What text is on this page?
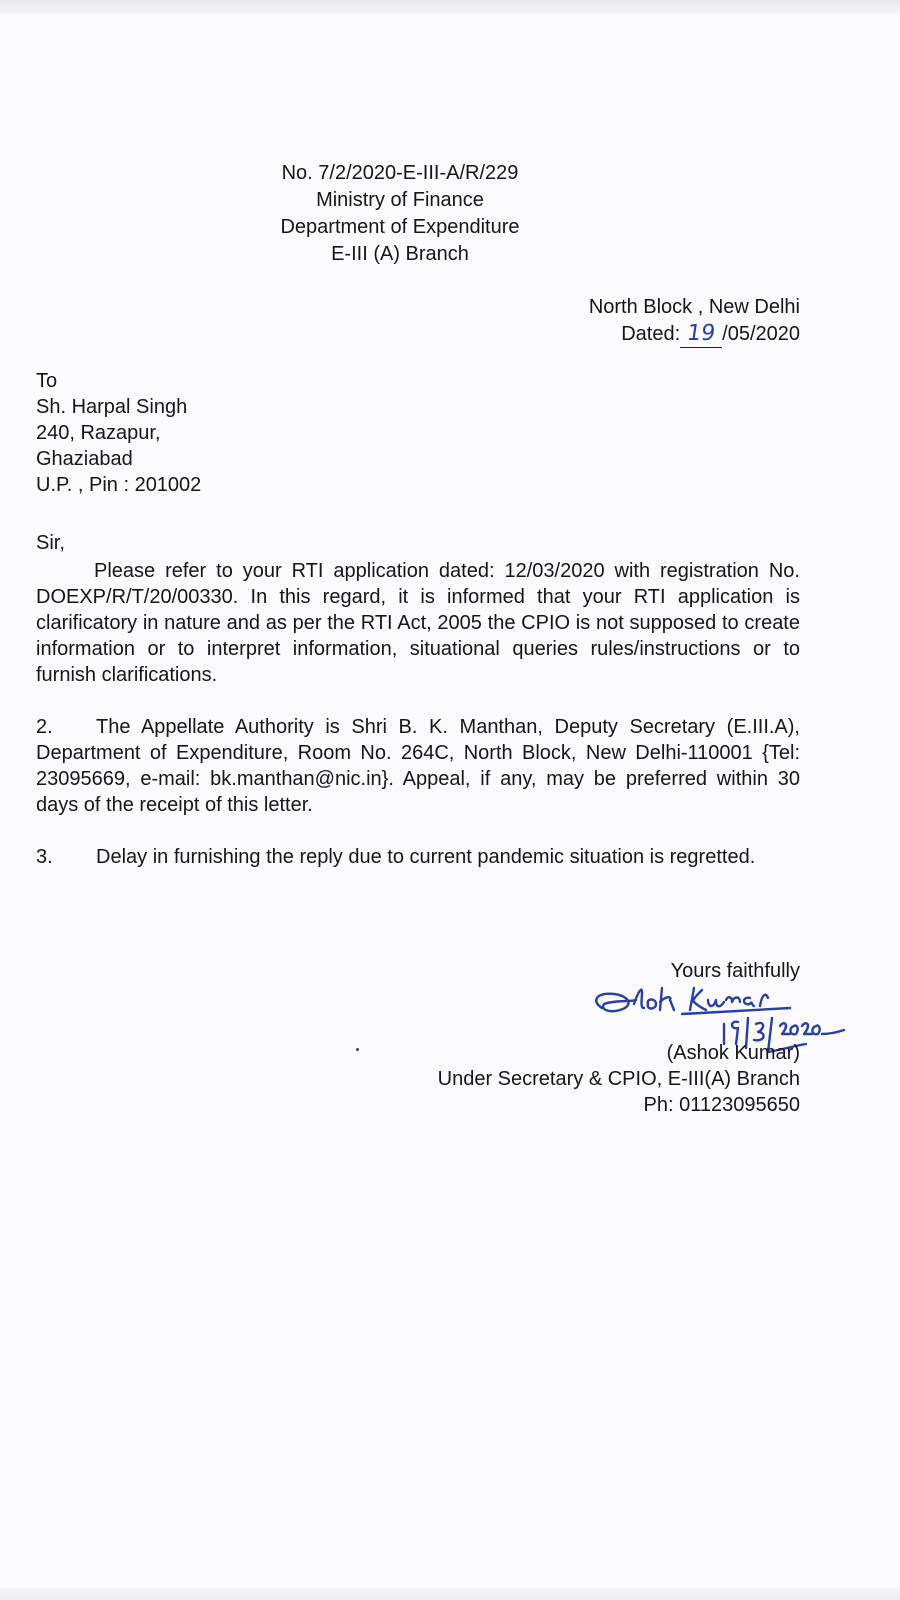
No. 7/2/2020-E-III-A/R/229
Ministry of Finance
Department of Expenditure
E-III (A) Branch
North Block , New Delhi
Dated: 19 /05/2020
To
Sh. Harpal Singh
240, Razapur,
Ghaziabad
U.P. , Pin : 201002
Sir,

Please refer to your RTI application dated: 12/03/2020 with registration No. DOEXP/R/T/20/00330. In this regard, it is informed that your RTI application is clarificatory in nature and as per the RTI Act, 2005 the CPIO is not supposed to create information or to interpret information, situational queries rules/instructions or to furnish clarifications.

2. The Appellate Authority is Shri B. K. Manthan, Deputy Secretary (E.III.A), Department of Expenditure, Room No. 264C, North Block, New Delhi-110001 {Tel: 23095669, e-mail: bk.manthan@nic.in}. Appeal, if any, may be preferred within 30 days of the receipt of this letter.

3. Delay in furnishing the reply due to current pandemic situation is regretted.

Yours faithfully
(Ashok Kumar)
Under Secretary & CPIO, E-III(A) Branch
Ph: 01123095650
